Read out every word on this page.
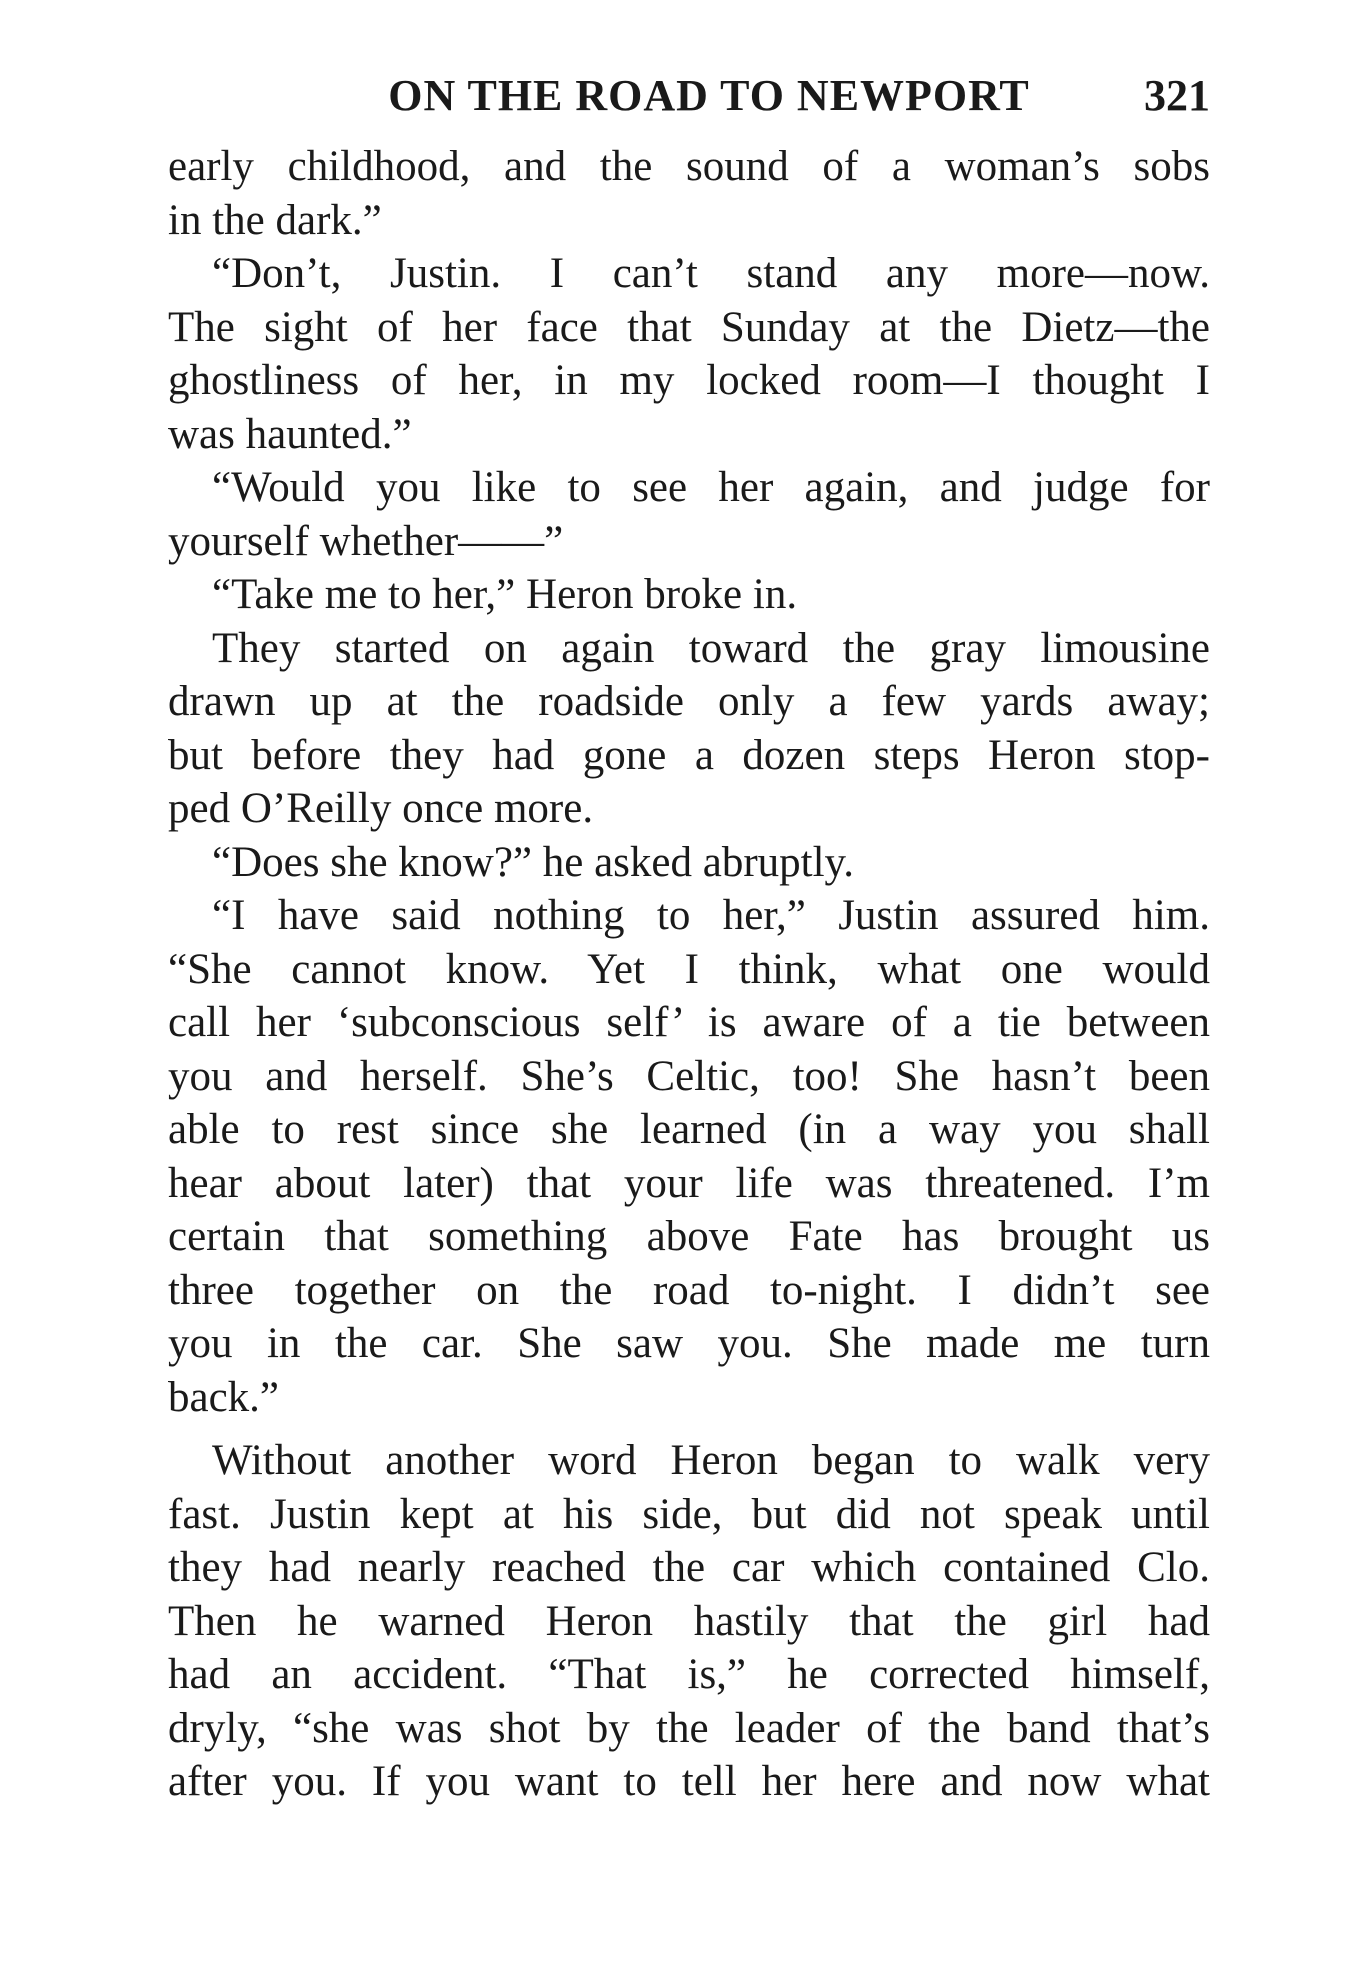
ON THE ROAD TO NEWPORT	321
early childhood, and the sound of a woman’s sobs
in the dark.”
“Don’t, Justin. I can’t stand any more—now.
The sight of her face that Sunday at the Dietz—the
ghostliness of her, in my locked room—I thought I
was haunted.”
“Would you like to see her again, and judge for
yourself whether——”
“Take me to her,” Heron broke in.
They started on again toward the gray limousine
drawn up at the roadside only a few yards away;
but before they had gone a dozen steps Heron stop-
ped O’Reilly once more.
“Does she know?” he asked abruptly.
“I have said nothing to her,” Justin assured him.
“She cannot know. Yet I think, what one would
call her ‘subconscious self’ is aware of a tie between
you and herself. She’s Celtic, too! She hasn’t been
able to rest since she learned (in a way you shall
hear about later) that your life was threatened. I’m
certain that something above Fate has brought us
three together on the road to-night. I didn’t see
you in the car. She saw you. She made me turn
back.”
Without another word Heron began to walk very
fast. Justin kept at his side, but did not speak until
they had nearly reached the car which contained Clo.
Then he warned Heron hastily that the girl had
had an accident. “That is,” he corrected himself,
dryly, “she was shot by the leader of the band that’s
after you. If you want to tell her here and now what
